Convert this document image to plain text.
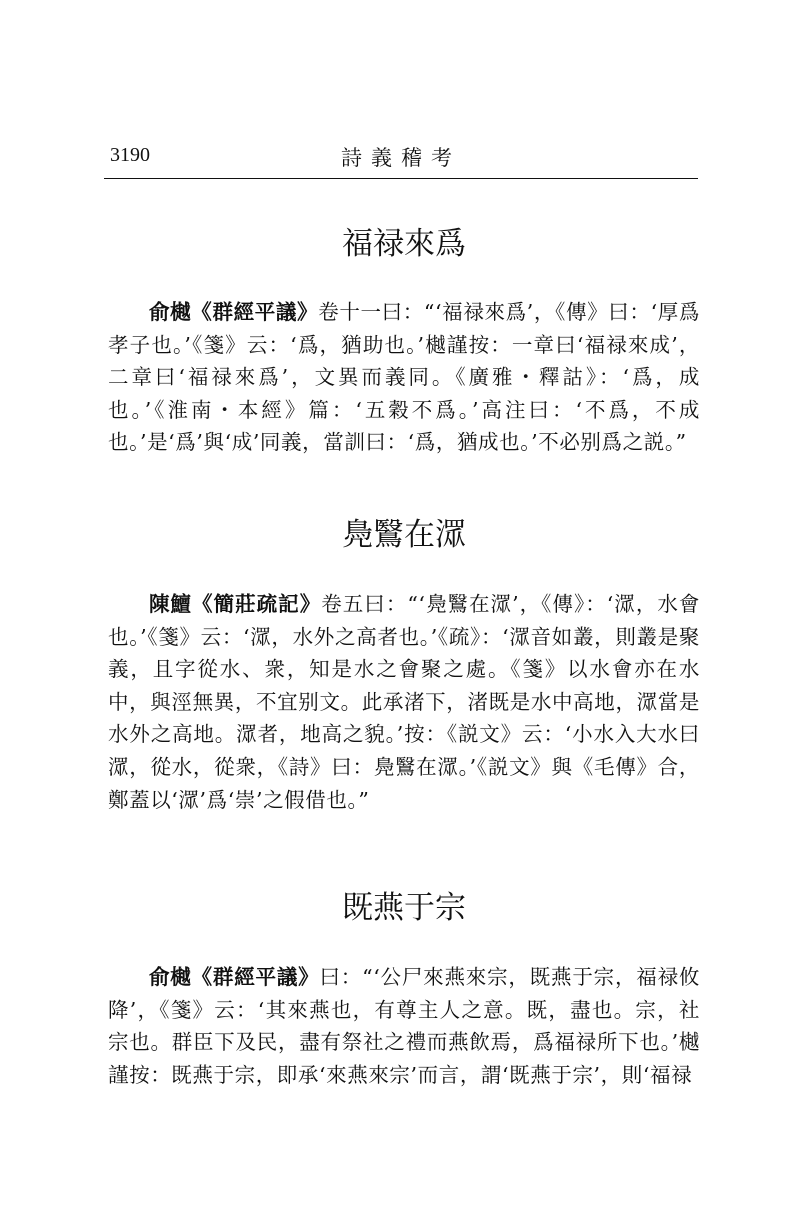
3190	詩義稽考
福禄來爲

俞樾《群經平議》卷十一曰：“‘福禄來爲’，《傳》曰：‘厚爲孝子也。’《箋》云：‘爲，猶助也。’樾謹按：一章曰‘福禄來成’，二章曰‘福禄來爲’，文異而義同。《廣雅・釋詁》：‘爲，成也。’《淮南・本經》篇：‘五穀不爲。’高注曰：‘不爲，不成也。’是‘爲’與‘成’同義，當訓曰：‘爲，猶成也。’不必别爲之説。”

鳧鷖在潀

陳鱣《簡莊疏記》卷五曰：“‘鳧鷖在潀’，《傳》：‘潀，水會也。’《箋》云：‘潀，水外之高者也。’《疏》：‘潀音如叢，則叢是聚義，且字從水、衆，知是水之會聚之處。《箋》以水會亦在水中，與涇無異，不宜别文。此承渚下，渚既是水中高地，潀當是水外之高地。潀者，地高之貌。’按：《説文》云：‘小水入大水曰潀，從水，從衆，《詩》曰：鳧鷖在潀。’《説文》與《毛傳》合，鄭蓋以‘潀’爲‘崇’之假借也。”

既燕于宗

俞樾《群經平議》曰：“‘公尸來燕來宗，既燕于宗，福禄攸降’，《箋》云：‘其來燕也，有尊主人之意。既，盡也。宗，社宗也。群臣下及民，盡有祭社之禮而燕飲焉，爲福禄所下也。’樾謹按：既燕于宗，即承‘來燕來宗’而言，謂‘既燕于宗’，則‘福禄
